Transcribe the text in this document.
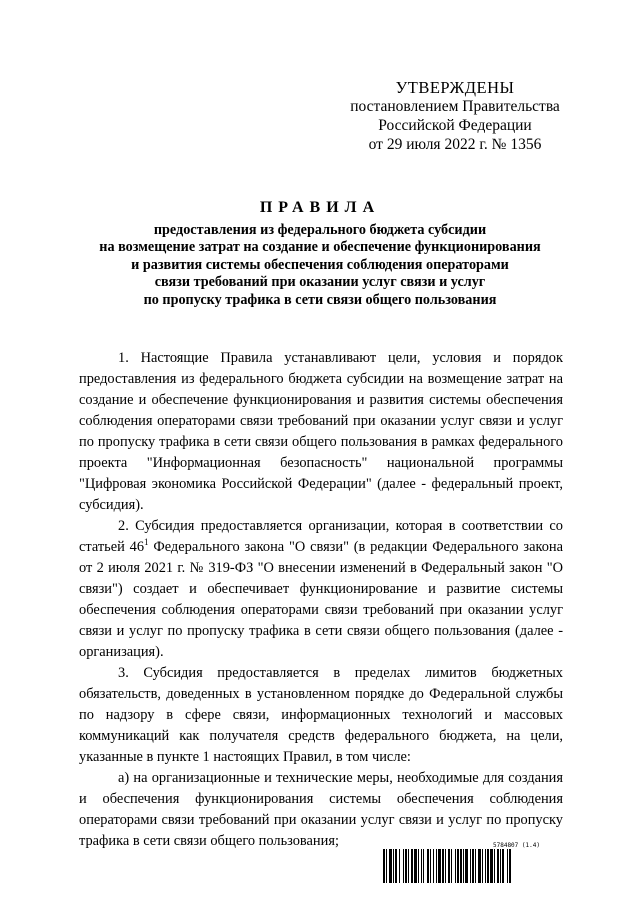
УТВЕРЖДЕНЫ
постановлением Правительства
Российской Федерации
от 29 июля 2022 г. № 1356
ПРАВИЛА
предоставления из федерального бюджета субсидии
на возмещение затрат на создание и обеспечение функционирования
и развития системы обеспечения соблюдения операторами
связи требований при оказании услуг связи и услуг
по пропуску трафика в сети связи общего пользования

1. Настоящие Правила устанавливают цели, условия и порядок предоставления из федерального бюджета субсидии на возмещение затрат на создание и обеспечение функционирования и развития системы обеспечения соблюдения операторами связи требований при оказании услуг связи и услуг по пропуску трафика в сети связи общего пользования в рамках федерального проекта "Информационная безопасность" национальной программы "Цифровая экономика Российской Федерации" (далее - федеральный проект, субсидия).

2. Субсидия предоставляется организации, которая в соответствии со статьей $46^1$ Федерального закона "О связи" (в редакции Федерального закона от 2 июля 2021 г. № 319-ФЗ "О внесении изменений в Федеральный закон "О связи") создает и обеспечивает функционирование и развитие системы обеспечения соблюдения операторами связи требований при оказании услуг связи и услуг по пропуску трафика в сети связи общего пользования (далее - организация).

3. Субсидия предоставляется в пределах лимитов бюджетных обязательств, доведенных в установленном порядке до Федеральной службы по надзору в сфере связи, информационных технологий и массовых коммуникаций как получателя средств федерального бюджета, на цели, указанные в пункте 1 настоящих Правил, в том числе:

а) на организационные и технические меры, необходимые для создания и обеспечения функционирования системы обеспечения соблюдения операторами связи требований при оказании услуг связи и услуг по пропуску трафика в сети связи общего пользования;	5784807 (1.4)
